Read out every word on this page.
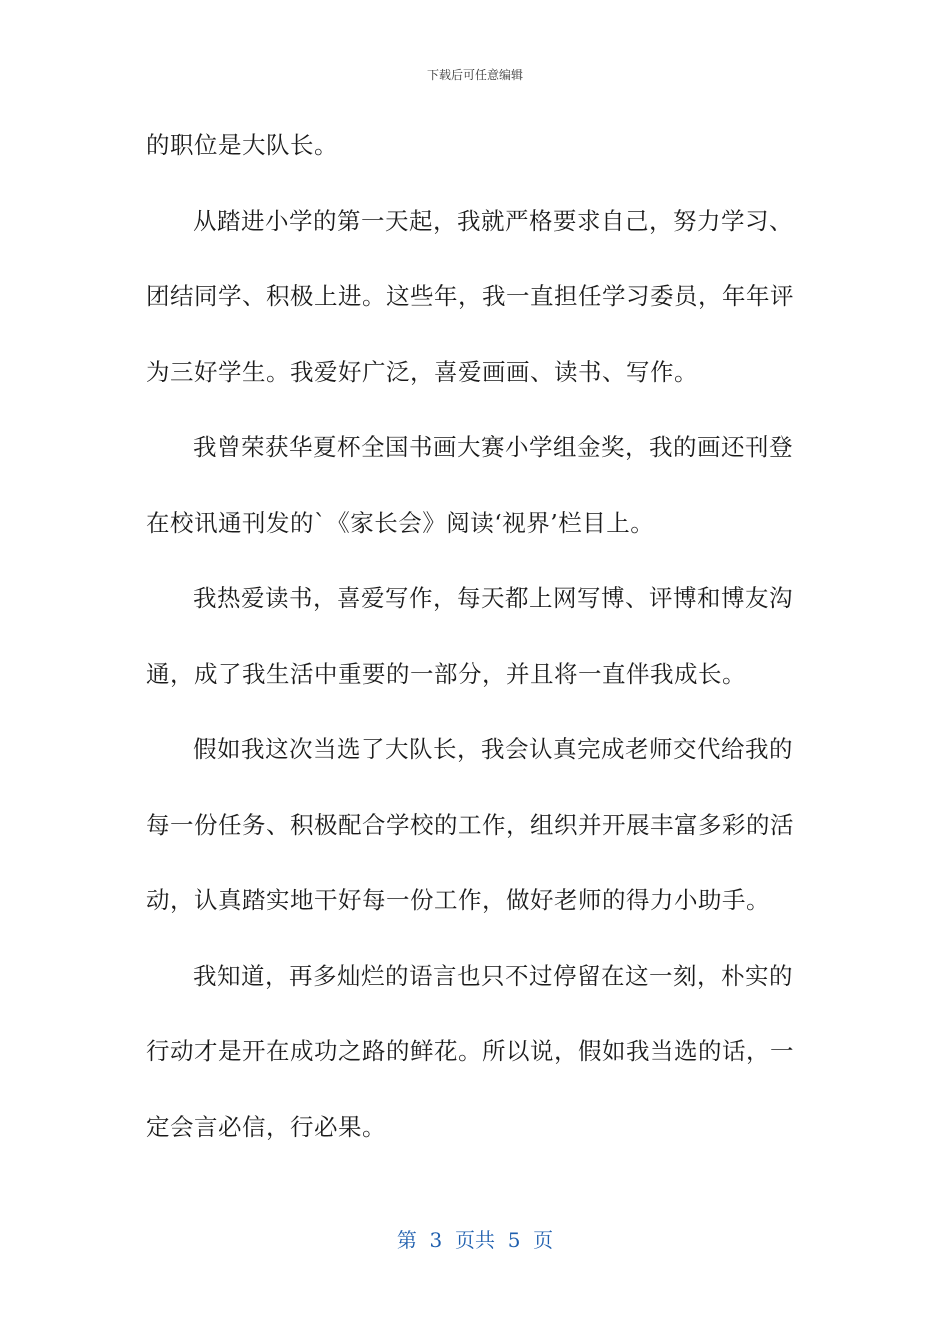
下载后可任意编辑
的职位是大队长。
从踏进小学的第一天起，我就严格要求自己，努力学习、
团结同学、积极上进。这些年，我一直担任学习委员，年年评
为三好学生。我爱好广泛，喜爱画画、读书、写作。
我曾荣获华夏杯全国书画大赛小学组金奖，我的画还刊登
在校讯通刊发的`《家长会》阅读‘视界’栏目上。
我热爱读书，喜爱写作，每天都上网写博、评博和博友沟
通，成了我生活中重要的一部分，并且将一直伴我成长。
假如我这次当选了大队长，我会认真完成老师交代给我的
每一份任务、积极配合学校的工作，组织并开展丰富多彩的活
动，认真踏实地干好每一份工作，做好老师的得力小助手。
我知道，再多灿烂的语言也只不过停留在这一刻，朴实的
行动才是开在成功之路的鲜花。所以说，假如我当选的话，一
定会言必信，行必果。
第  3  页共  5  页
